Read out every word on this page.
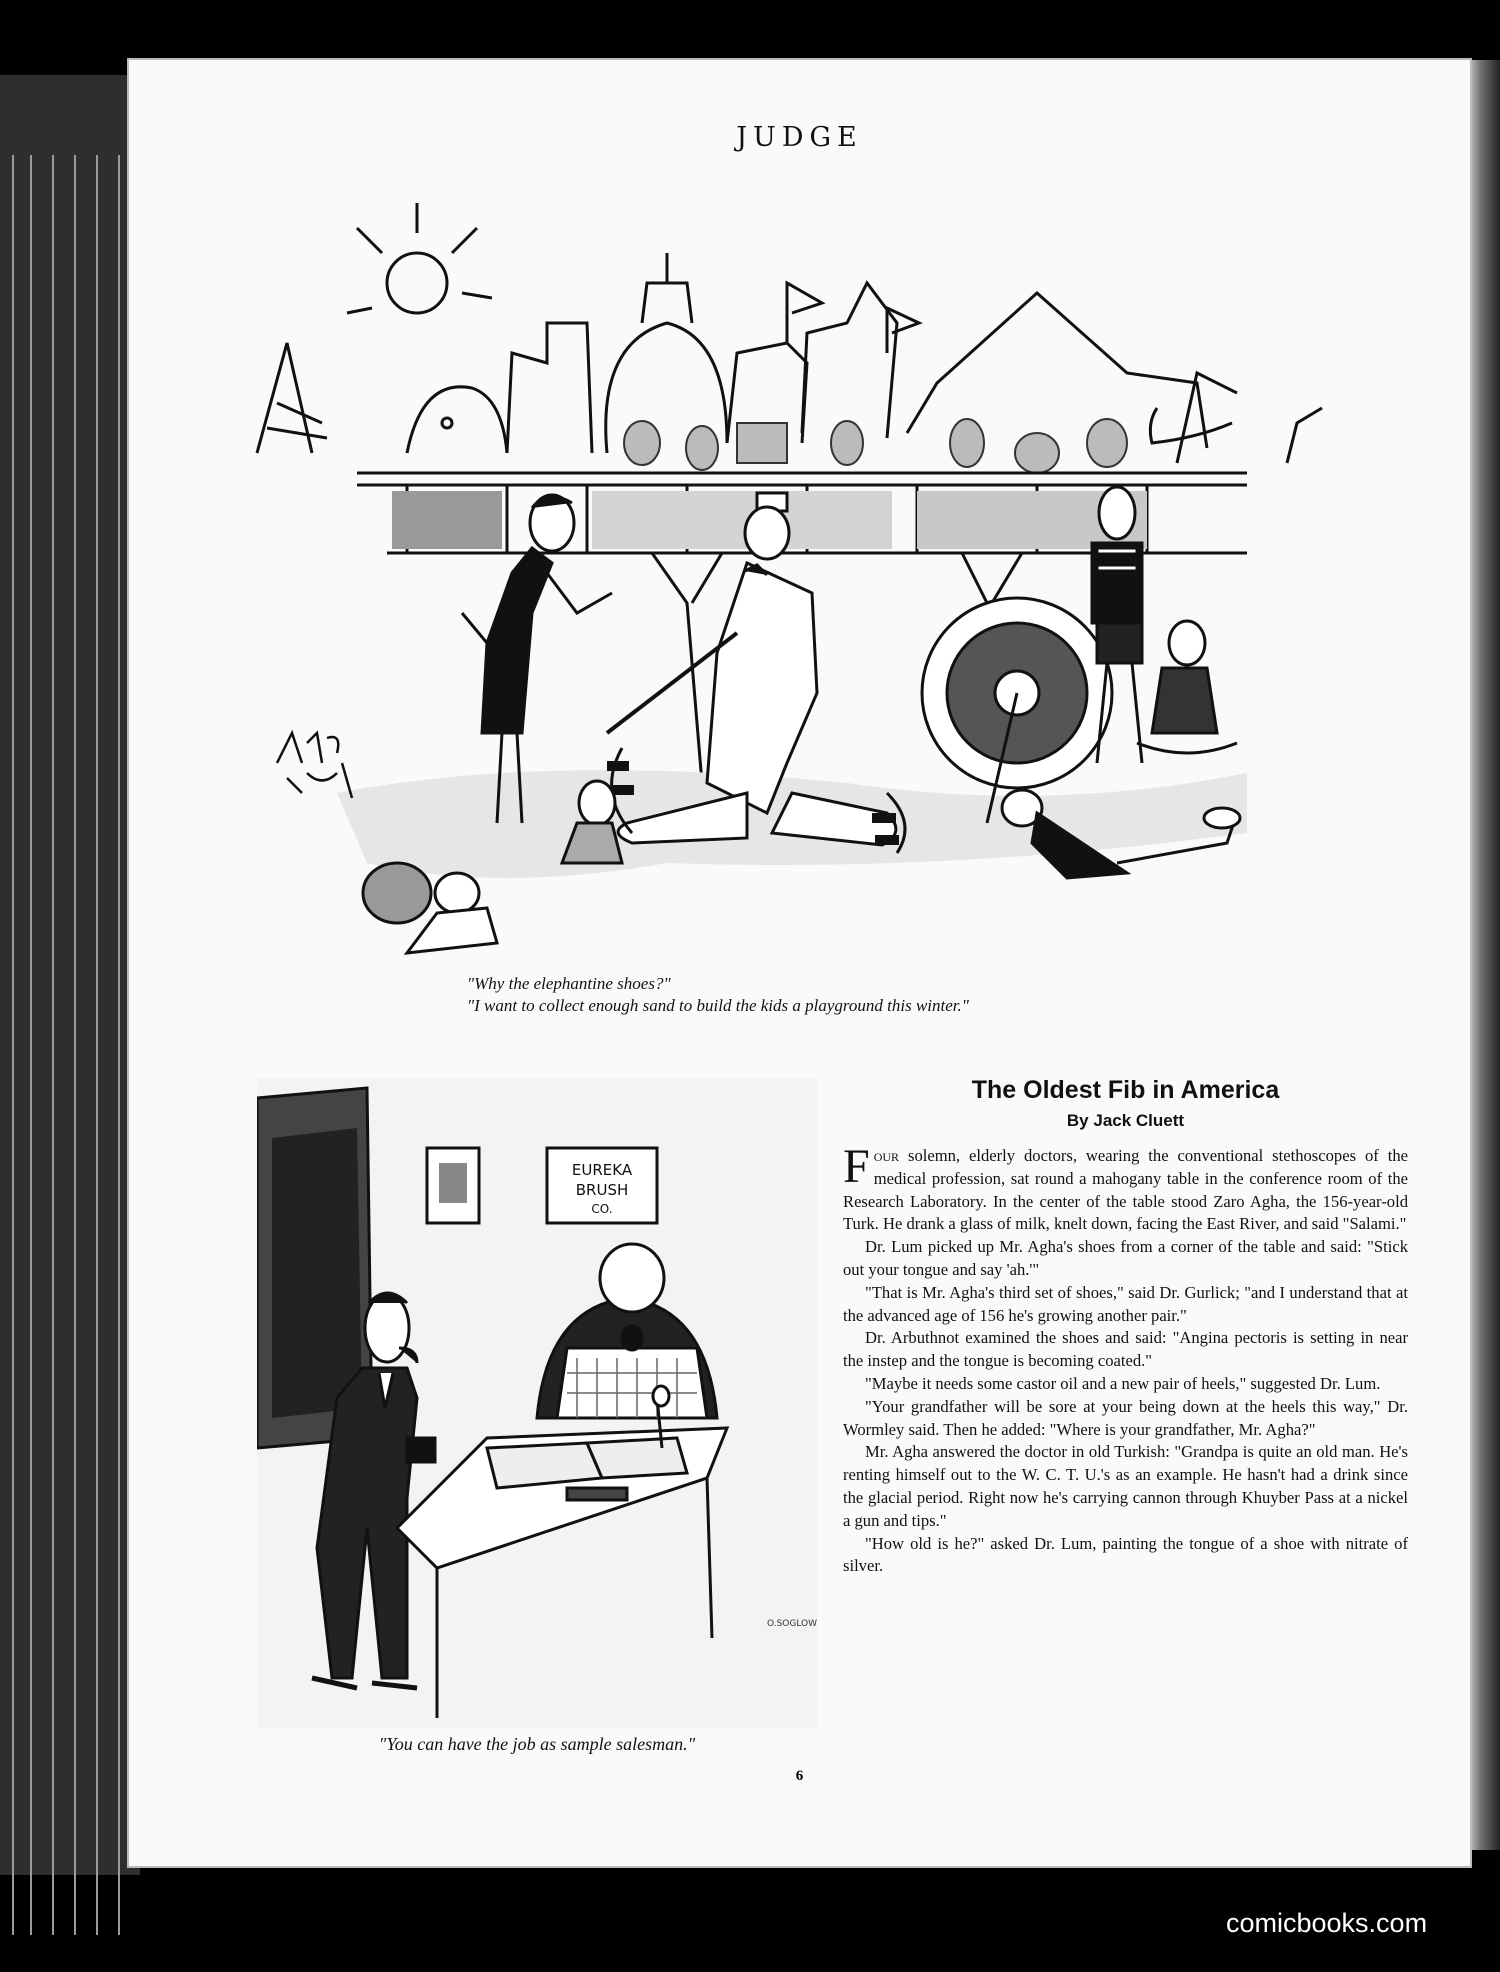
JUDGE
"Why the elephantine shoes?"
"I want to collect enough sand to build the kids a playground this winter."
EUREKA
BRUSH
CO.
O.SOGLOW
"You can have the job as sample salesman."
The Oldest Fib in America
By Jack Cluett

Four solemn, elderly doctors, wearing the conventional stethoscopes of the medical profession, sat round a mahogany table in the conference room of the Research Laboratory. In the center of the table stood Zaro Agha, the 156-year-old Turk. He drank a glass of milk, knelt down, facing the East River, and said "Salami."

Dr. Lum picked up Mr. Agha's shoes from a corner of the table and said: "Stick out your tongue and say 'ah.'"

"That is Mr. Agha's third set of shoes," said Dr. Gurlick; "and I understand that at the advanced age of 156 he's growing another pair."

Dr. Arbuthnot examined the shoes and said: "Angina pectoris is setting in near the instep and the tongue is becoming coated."

"Maybe it needs some castor oil and a new pair of heels," suggested Dr. Lum.

"Your grandfather will be sore at your being down at the heels this way," Dr. Wormley said. Then he added: "Where is your grandfather, Mr. Agha?"

Mr. Agha answered the doctor in old Turkish: "Grandpa is quite an old man. He's renting himself out to the W. C. T. U.'s as an example. He hasn't had a drink since the glacial period. Right now he's carrying cannon through Khuyber Pass at a nickel a gun and tips."

"How old is he?" asked Dr. Lum, painting the tongue of a shoe with nitrate of silver.

6
comicbooks.com
